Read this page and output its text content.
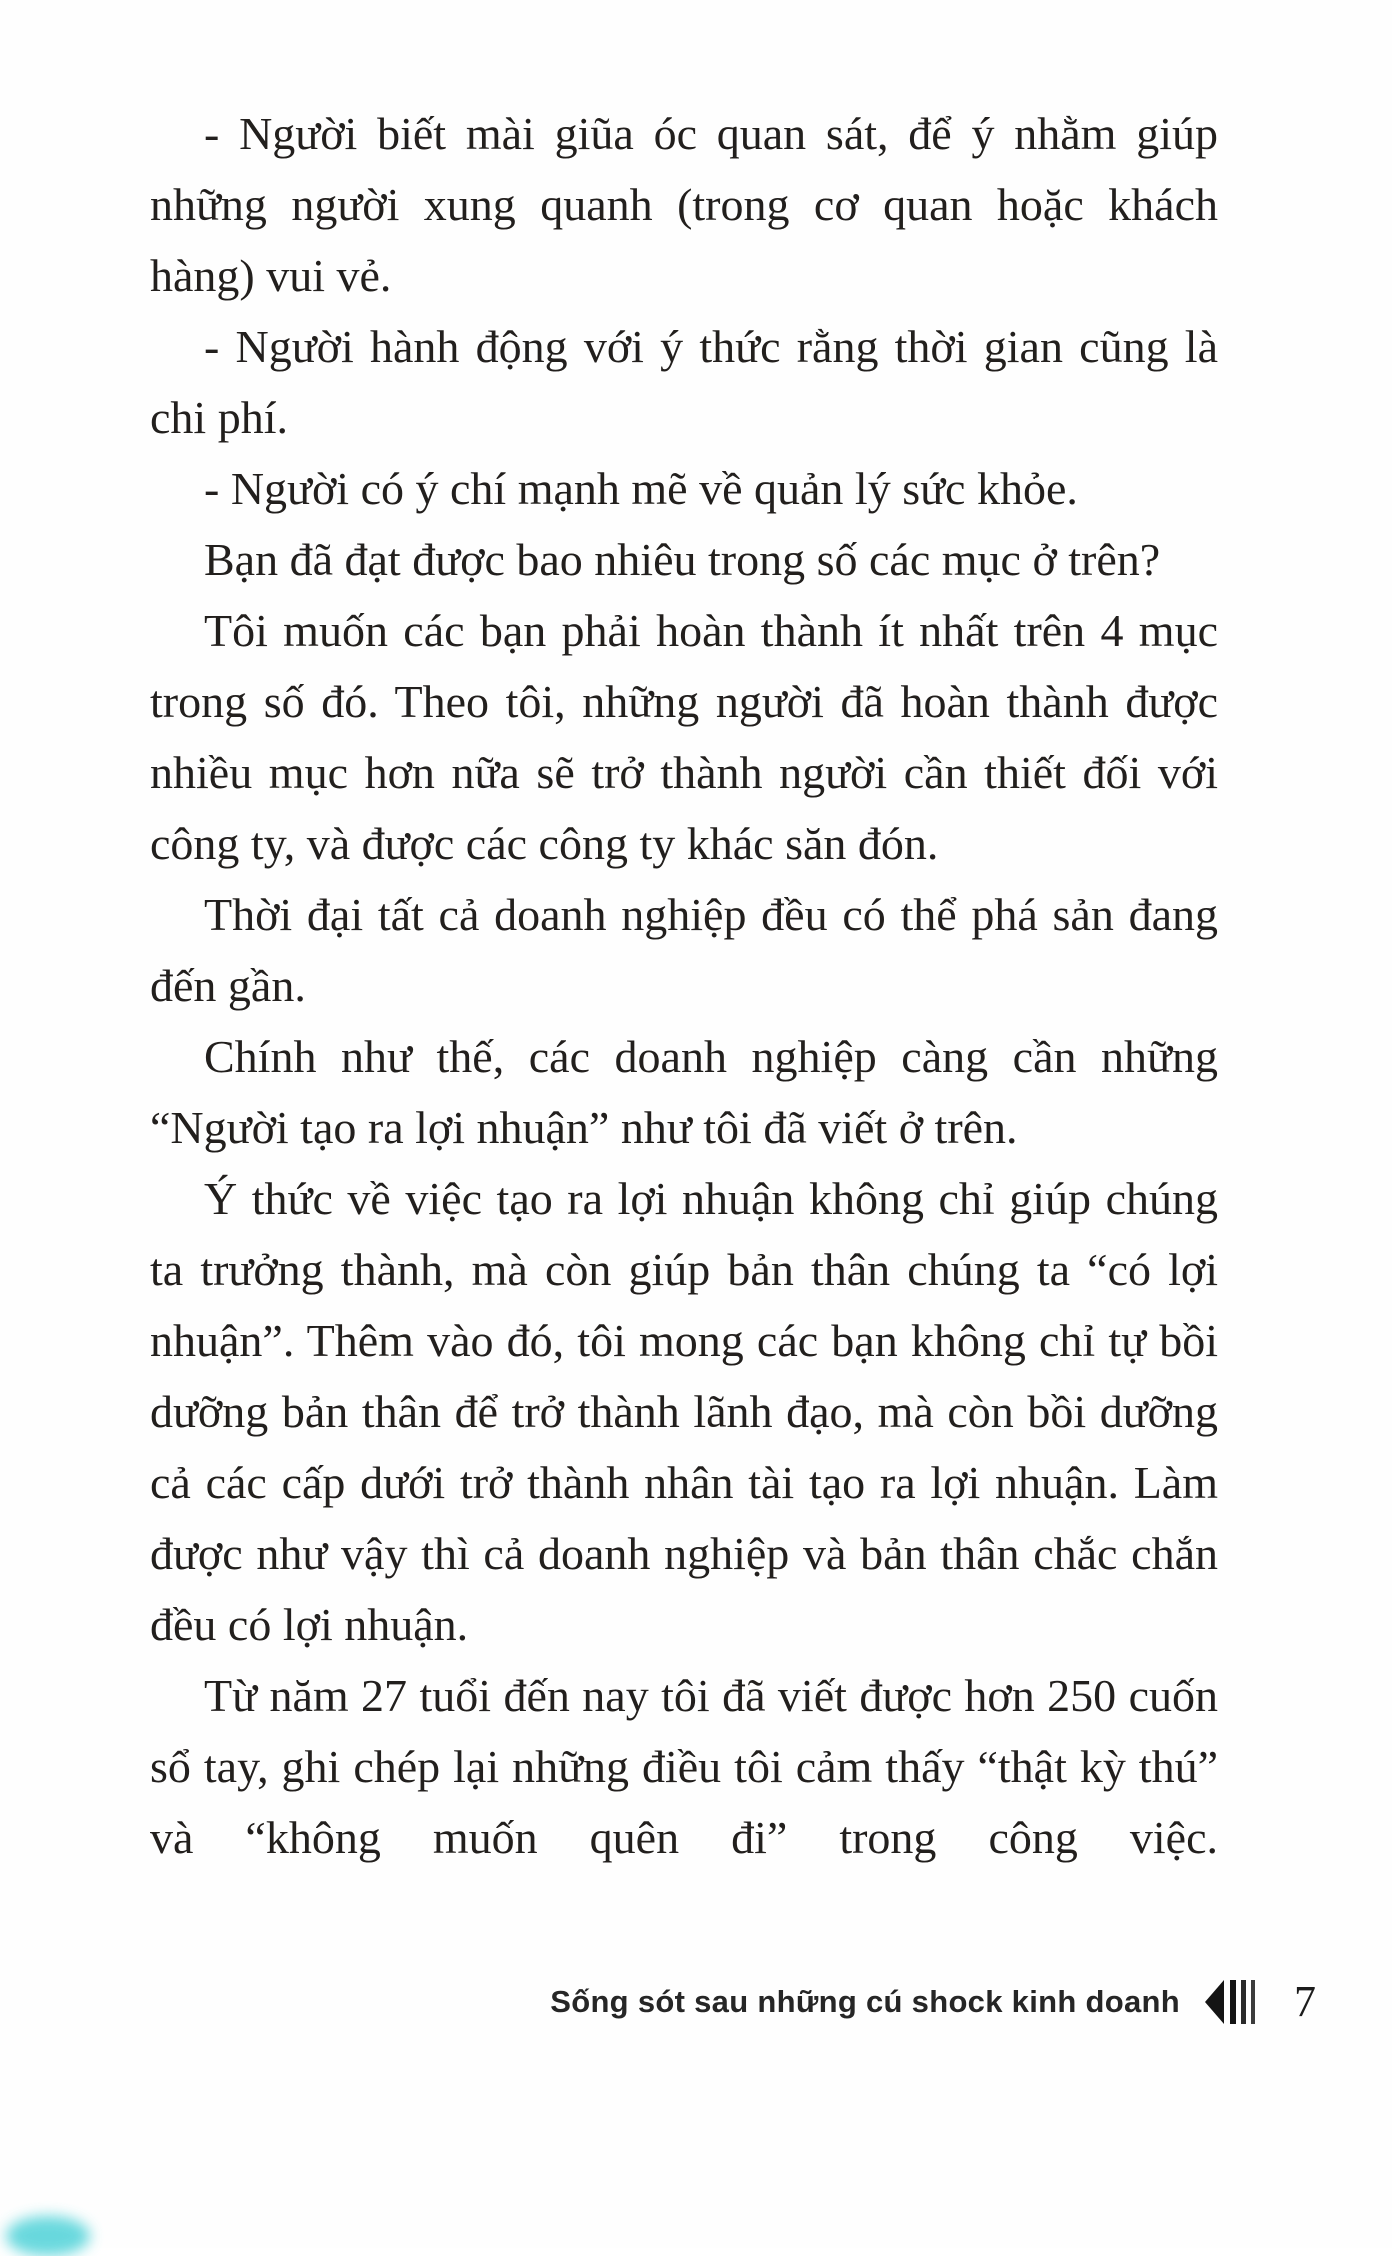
- Người biết mài giũa óc quan sát, để ý nhằm giúp những người xung quanh (trong cơ quan hoặc khách hàng) vui vẻ.

- Người hành động với ý thức rằng thời gian cũng là chi phí.

- Người có ý chí mạnh mẽ về quản lý sức khỏe.

Bạn đã đạt được bao nhiêu trong số các mục ở trên?

Tôi muốn các bạn phải hoàn thành ít nhất trên 4 mục trong số đó. Theo tôi, những người đã hoàn thành được nhiều mục hơn nữa sẽ trở thành người cần thiết đối với công ty, và được các công ty khác săn đón.

Thời đại tất cả doanh nghiệp đều có thể phá sản đang đến gần.

Chính như thế, các doanh nghiệp càng cần những “Người tạo ra lợi nhuận” như tôi đã viết ở trên.

Ý thức về việc tạo ra lợi nhuận không chỉ giúp chúng ta trưởng thành, mà còn giúp bản thân chúng ta “có lợi nhuận”. Thêm vào đó, tôi mong các bạn không chỉ tự bồi dưỡng bản thân để trở thành lãnh đạo, mà còn bồi dưỡng cả các cấp dưới trở thành nhân tài tạo ra lợi nhuận. Làm được như vậy thì cả doanh nghiệp và bản thân chắc chắn đều có lợi nhuận.

Từ năm 27 tuổi đến nay tôi đã viết được hơn 250 cuốn sổ tay, ghi chép lại những điều tôi cảm thấy “thật kỳ thú” và “không muốn quên đi” trong công việc.

Sống sót sau những cú shock kinh doanh	7
